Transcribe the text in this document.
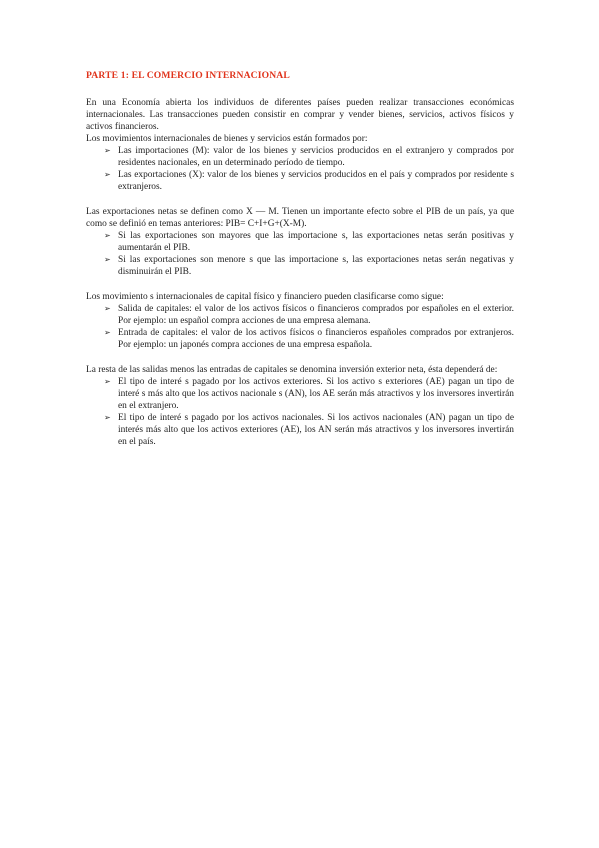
PARTE 1: EL COMERCIO INTERNACIONAL

En una Economía abierta los individuos de diferentes países pueden realizar transacciones económicas internacionales. Las transacciones pueden consistir en comprar y vender bienes, servicios, activos físicos y activos financieros.

Los movimientos internacionales de bienes y servicios están formados por:

➢ Las importaciones (M): valor de los bienes y servicios producidos en el extranjero y comprados por residentes nacionales, en un determinado período de tiempo.
➢ Las exportaciones (X): valor de los bienes y servicios producidos en el país y comprados por residente s extranjeros.

Las exportaciones netas se definen como X — M. Tienen un importante efecto sobre el PIB de un país, ya que como se definió en temas anteriores: PIB= C+I+G+(X-M).

➢ Si las exportaciones son mayores que las importacione s, las exportaciones netas serán positivas y aumentarán el PIB.
➢ Si las exportaciones son menore s que las importacione s, las exportaciones netas serán negativas y disminuirán el PIB.

Los movimiento s internacionales de capital físico y financiero pueden clasificarse como sigue:

➢ Salida de capitales: el valor de los activos físicos o financieros comprados por españoles en el exterior. Por ejemplo: un español compra acciones de una empresa alemana.
➢ Entrada de capitales: el valor de los activos físicos o financieros españoles comprados por extranjeros. Por ejemplo: un japonés compra acciones de una empresa española.

La resta de las salidas menos las entradas de capitales se denomina inversión exterior neta, ésta dependerá de:

➢ El tipo de interé s pagado por los activos exteriores. Si los activo s exteriores (AE) pagan un tipo de interé s más alto que los activos nacionale s (AN), los AE serán más atractivos y los inversores invertirán en el extranjero.
➢ El tipo de interé s pagado por los activos nacionales. Si los activos nacionales (AN) pagan un tipo de interés más alto que los activos exteriores (AE), los AN serán más atractivos y los inversores invertirán en el país.
